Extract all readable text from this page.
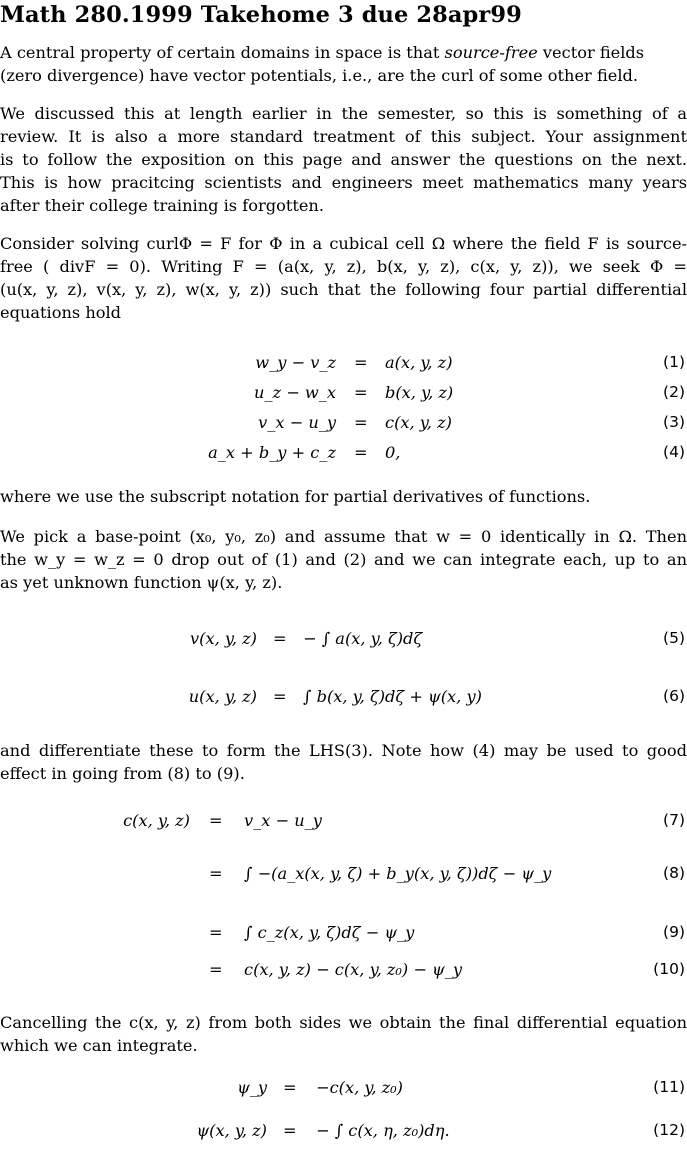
Math 280.1999 Takehome 3 due 28apr99
A central property of certain domains in space is that source-free vector fields
(zero divergence) have vector potentials, i.e., are the curl of some other field.
We discussed this at length earlier in the semester, so this is something of a
review. It is also a more standard treatment of this subject. Your assignment
is to follow the exposition on this page and answer the questions on the next.
This is how pracitcing scientists and engineers meet mathematics many years
after their college training is forgotten.
Consider solving curlΦ = F for Φ in a cubical cell Ω where the field F is source-
free ( divF = 0). Writing F = (a(x, y, z), b(x, y, z), c(x, y, z)), we seek Φ =
(u(x, y, z), v(x, y, z), w(x, y, z)) such that the following four partial differential
equations hold
w_y − v_z = a(x, y, z)	(1)
u_z − w_x = b(x, y, z)	(2)
v_x − u_y = c(x, y, z)	(3)
a_x + b_y + c_z = 0,	(4)
where we use the subscript notation for partial derivatives of functions.
We pick a base-point (x₀, y₀, z₀) and assume that w = 0 identically in Ω. Then
the w_y = w_z = 0 drop out of (1) and (2) and we can integrate each, up to an
as yet unknown function ψ(x, y, z).
v(x, y, z) = − ∫ a(x, y, ζ)dζ	(5)
u(x, y, z) = ∫ b(x, y, ζ)dζ + ψ(x, y)	(6)
and differentiate these to form the LHS(3). Note how (4) may be used to good
effect in going from (8) to (9).
c(x, y, z) = v_x − u_y	(7)
= ∫ −(a_x(x, y, ζ) + b_y(x, y, ζ))dζ − ψ_y	(8)
= ∫ c_z(x, y, ζ)dζ − ψ_y	(9)
= c(x, y, z) − c(x, y, z₀) − ψ_y	(10)
Cancelling the c(x, y, z) from both sides we obtain the final differential equation
which we can integrate.
ψ_y = −c(x, y, z₀)	(11)
ψ(x, y, z) = − ∫ c(x, η, z₀)dη.	(12)
